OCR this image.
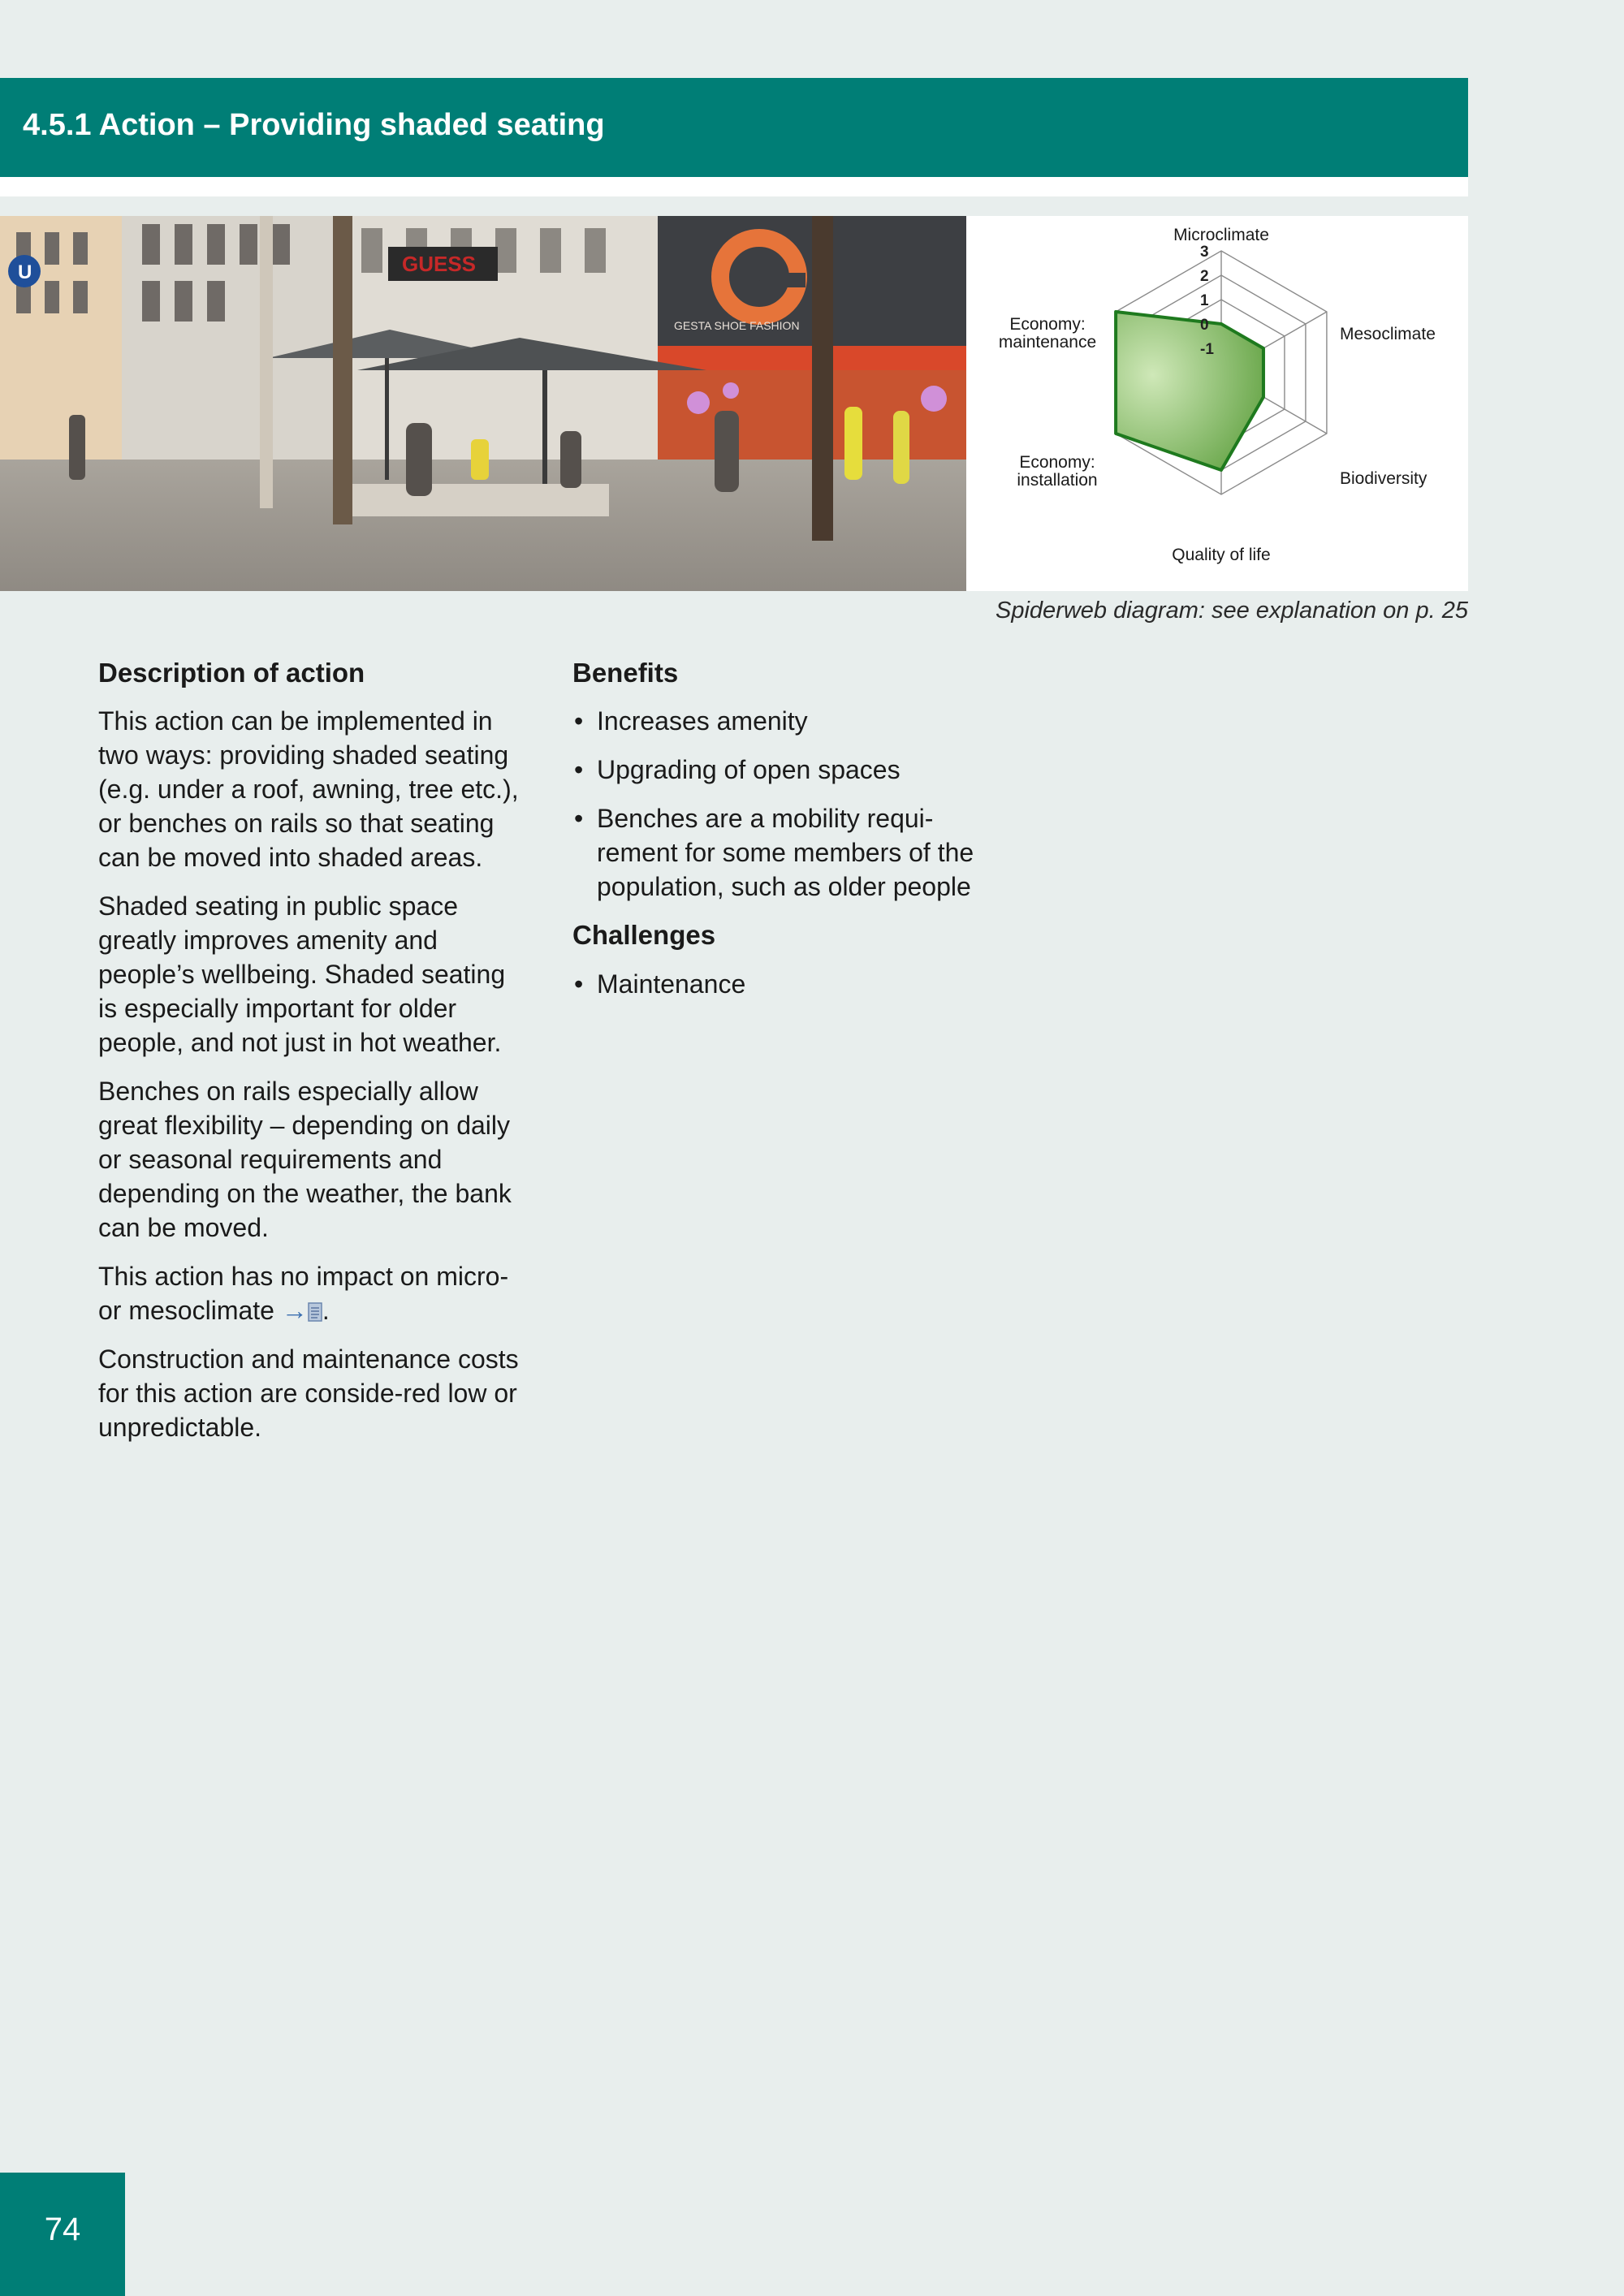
4.5.1 Action – Providing shaded seating
G
GESTA SHOE FASHION
GUESS
U
3
2
1
0
-1
Microclimate
Mesoclimate
Biodiversity
Quality of life
Economy: installation
Economy: maintenance
Spiderweb diagram: see explanation on p. 25
Description of action

This action can be implemented in two ways: providing shaded seating (e.g. under a roof, awning, tree etc.), or benches on rails so that seating can be moved into shaded areas.

Shaded seating in public space greatly improves amenity and people’s wellbeing. Shaded seating is especially important for older people, and not just in hot weather.

Benches on rails especially allow great flexibility – depending on daily or seasonal requirements and depending on the weather, the bank can be moved.

This action has no impact on micro- or mesoclimate → .

Construction and maintenance costs for this action are conside-red low or unpredictable.

Benefits
• Increases amenity
• Upgrading of open spaces
• Benches are a mobility requi-rement for some members of the population, such as older people
Challenges
• Maintenance
74
